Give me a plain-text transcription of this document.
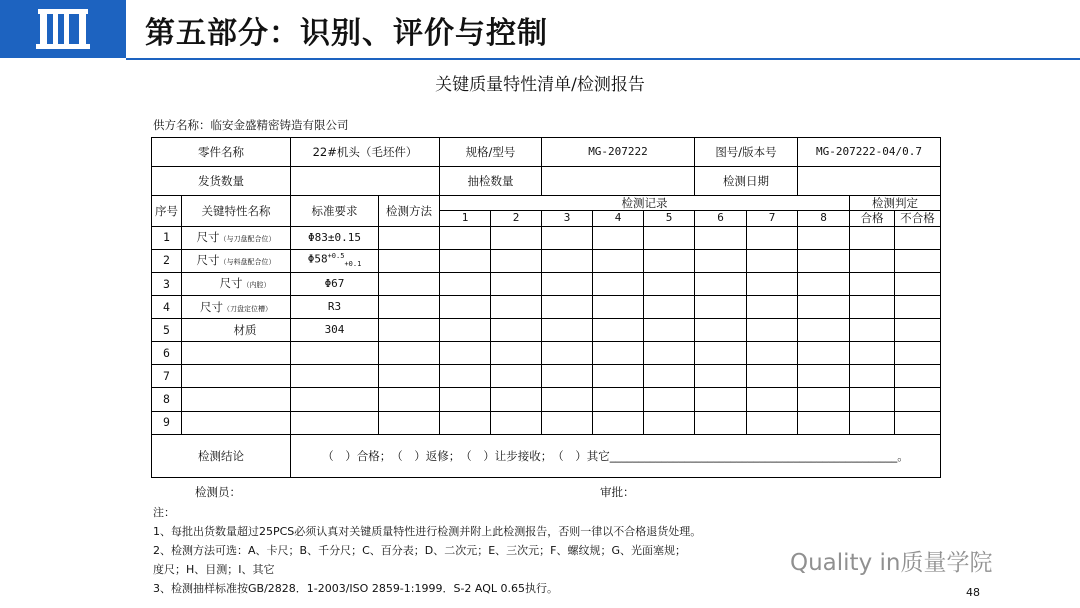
第五部分：识别、评价与控制
关键质量特性清单/检测报告
供方名称：临安金盛精密铸造有限公司
零件名称		22#机头（毛坯件）		规格/型号		MG-207222			图号/版本号		MG-207222-04/0.7		
发货数量				抽检数量					检测日期				
序号	关键特性名称	标准要求	检测方法	检测记录								检测判定	
				1	2	3	4	5	6	7	8	合格	不合格
1	尺寸（与刀盘配合位）	Φ83±0.15											
2	尺寸（与料盘配合位）	$\Phi 58^{+0.5}_{+0.1}$											
3	尺寸（内腔）	Φ67											
4	尺寸（刀盘定位槽）	R3											
5	材质	304											
6													
7													
8													
9													
检测结论		（　）合格；　（　）返修；　（　）让步接收；　（　）其它__________________________________________________。											
检测员：	审批：
注：
1、每批出货数量超过25PCS必须认真对关键质量特性进行检测并附上此检测报告，否则一律以不合格退货处理。
2、检测方法可选：A、卡尺；B、千分尺；C、百分表；D、二次元；E、三次元；F、螺纹规；G、光面塞规；
度尺；H、目测；I、其它
3、检测抽样标准按GB/2828．1-2003/ISO 2859-1:1999．S-2 AQL 0.65执行。
Quality in质量学院
48
